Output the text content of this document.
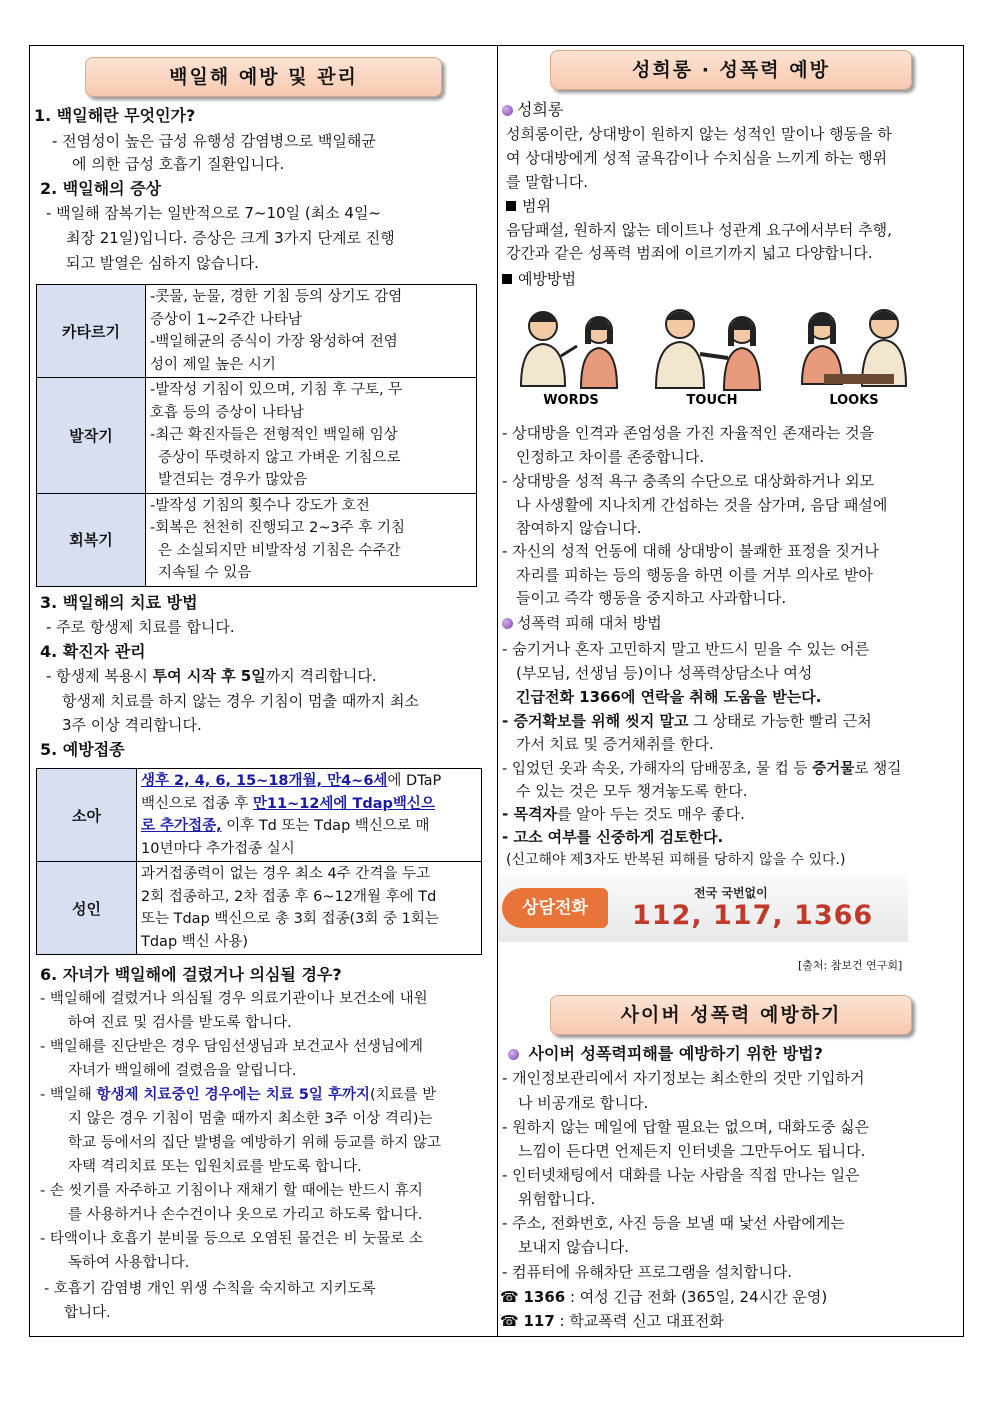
백일해 예방 및 관리
1. 백일해란 무엇인가?
- 전염성이 높은 급성 유행성 감염병으로 백일해균
에 의한 급성 호흡기 질환입니다.
2. 백일해의 증상
- 백일해 잠복기는 일반적으로 7~10일 (최소 4일~
최장 21일)입니다. 증상은 크게 3가지 단계로 진행
되고 발열은 심하지 않습니다.
카타르기	-콧물, 눈물, 경한 기침 등의 상기도 감염
증상이 1~2주간 나타남
-백일해균의 증식이 가장 왕성하여 전염
성이 제일 높은 시기

발작기	-발작성 기침이 있으며, 기침 후 구토, 무
호흡 등의 증상이 나타남
-최근 확진자들은 전형적인 백일해 임상
증상이 뚜렷하지 않고 가벼운 기침으로
발견되는 경우가 많았음

회복기	-발작성 기침의 횟수나 강도가 호전
-회복은 천천히 진행되고 2~3주 후 기침
은 소실되지만 비발작성 기침은 수주간
지속될 수 있음
3. 백일해의 치료 방법
- 주로 항생제 치료를 합니다.
4. 확진자 관리
- 항생제 복용시 투여 시작 후 5일까지 격리합니다.
항생제 치료를 하지 않는 경우 기침이 멈출 때까지 최소
3주 이상 격리합니다.
5. 예방접종
소아	생후 2, 4, 6, 15~18개월, 만4~6세에 DTaP
백신으로 접종 후 만11~12세에 Tdap백신으
로 추가접종, 이후 Td 또는 Tdap 백신으로 매
10년마다 추가접종 실시

성인	과거접종력이 없는 경우 최소 4주 간격을 두고
2회 접종하고, 2차 접종 후 6~12개월 후에 Td
또는 Tdap 백신으로 총 3회 접종(3회 중 1회는
Tdap 백신 사용)
6. 자녀가 백일해에 걸렸거나 의심될 경우?
- 백일해에 걸렸거나 의심될 경우 의료기관이나 보건소에 내원
하여 진료 및 검사를 받도록 합니다.
- 백일해를 진단받은 경우 담임선생님과 보건교사 선생님에게
자녀가 백일해에 걸렸음을 알립니다.
- 백일해 항생제 치료중인 경우에는 치료 5일 후까지(치료를 받
지 않은 경우 기침이 멈출 때까지 최소한 3주 이상 격리)는
학교 등에서의 집단 발병을 예방하기 위해 등교를 하지 않고
자택 격리치료 또는 입원치료를 받도록 합니다.
- 손 씻기를 자주하고 기침이나 재채기 할 때에는 반드시 휴지
를 사용하거나 손수건이나 옷으로 가리고 하도록 합니다.
- 타액이나 호흡기 분비물 등으로 오염된 물건은 비 눗물로 소
독하여 사용합니다.
- 호흡기 감염병 개인 위생 수칙을 숙지하고 지키도록
합니다.
성희롱 · 성폭력 예방
성희롱
성희롱이란, 상대방이 원하지 않는 성적인 말이나 행동을 하
여 상대방에게 성적 굴욕감이나 수치심을 느끼게 하는 행위
를 말합니다.
범위
음담패설, 원하지 않는 데이트나 성관계 요구에서부터 추행,
강간과 같은 성폭력 범죄에 이르기까지 넓고 다양합니다.
예방방법
WORDS	TOUCH	LOOKS
- 상대방을 인격과 존엄성을 가진 자율적인 존재라는 것을
인정하고 차이를 존중합니다.
- 상대방을 성적 욕구 충족의 수단으로 대상화하거나 외모
나 사생활에 지나치게 간섭하는 것을 삼가며, 음담 패설에
참여하지 않습니다.
- 자신의 성적 언동에 대해 상대방이 불쾌한 표정을 짓거나
자리를 피하는 등의 행동을 하면 이를 거부 의사로 받아
들이고 즉각 행동을 중지하고 사과합니다.
성폭력 피해 대처 방법
- 숨기거나 혼자 고민하지 말고 반드시 믿을 수 있는 어른
(부모님, 선생님 등)이나 성폭력상담소나 여성
긴급전화 1366에 연락을 취해 도움을 받는다.
- 증거확보를 위해 씻지 말고 그 상태로 가능한 빨리 근처
가서 치료 및 증거채취를 한다.
- 입었던 옷과 속옷, 가해자의 담배꽁초, 물 컵 등 증거물로 챙길
수 있는 것은 모두 챙겨놓도록 한다.
- 목격자를 알아 두는 것도 매우 좋다.
- 고소 여부를 신중하게 검토한다.
(신고해야 제3자도 반복된 피해를 당하지 않을 수 있다.)
상담전화
전국 국번없이
112, 117, 1366
[출처: 참보건 연구회]
사이버 성폭력 예방하기
사이버 성폭력피해를 예방하기 위한 방법?
- 개인정보관리에서 자기정보는 최소한의 것만 기입하거
나 비공개로 합니다.
- 원하지 않는 메일에 답할 필요는 없으며, 대화도중 싫은
느낌이 든다면 언제든지 인터넷을 그만두어도 됩니다.
- 인터넷채팅에서 대화를 나눈 사람을 직접 만나는 일은
위험합니다.
- 주소, 전화번호, 사진 등을 보낼 때 낯선 사람에게는
보내지 않습니다.
- 컴퓨터에 유해차단 프로그램을 설치합니다.
☎ 1366 : 여성 긴급 전화 (365일, 24시간 운영)
☎ 117 : 학교폭력 신고 대표전화
